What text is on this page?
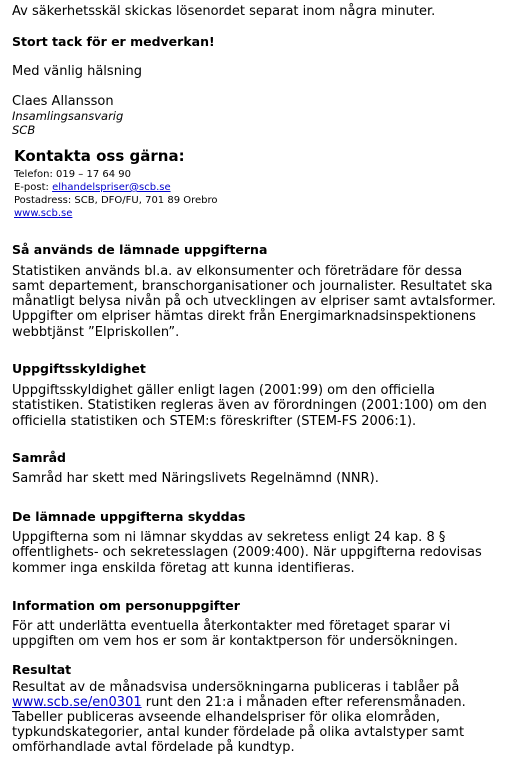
Av säkerhetsskäl skickas lösenordet separat inom några minuter.

Stort tack för er medverkan!

Med vänlig hälsning

Claes Allansson

Insamlingsansvarig

SCB

Kontakta oss gärna:

Telefon: 019 – 17 64 90

E-post: elhandelspriser@scb.se

Postadress: SCB, DFO/FU, 701 89 Orebro

www.scb.se

Så används de lämnade uppgifterna

Statistiken används bl.a. av elkonsumenter och företrädare för dessa

samt departement, branschorganisationer och journalister. Resultatet ska

månatligt belysa nivån på och utvecklingen av elpriser samt avtalsformer.

Uppgifter om elpriser hämtas direkt från Energimarknadsinspektionens

webbtjänst ”Elpriskollen”.

Uppgiftsskyldighet

Uppgiftsskyldighet gäller enligt lagen (2001:99) om den officiella

statistiken. Statistiken regleras även av förordningen (2001:100) om den

officiella statistiken och STEM:s föreskrifter (STEM-FS 2006:1).

Samråd

Samråd har skett med Näringslivets Regelnämnd (NNR).

De lämnade uppgifterna skyddas

Uppgifterna som ni lämnar skyddas av sekretess enligt 24 kap. 8 §

offentlighets- och sekretesslagen (2009:400). När uppgifterna redovisas

kommer inga enskilda företag att kunna identifieras.

Information om personuppgifter

För att underlätta eventuella återkontakter med företaget sparar vi

uppgiften om vem hos er som är kontaktperson för undersökningen.

Resultat

Resultat av de månadsvisa undersökningarna publiceras i tablåer på

www.scb.se/en0301 runt den 21:a i månaden efter referensmånaden.

Tabeller publiceras avseende elhandelspriser för olika elområden,

typkundskategorier, antal kunder fördelade på olika avtalstyper samt

omförhandlade avtal fördelade på kundtyp.
